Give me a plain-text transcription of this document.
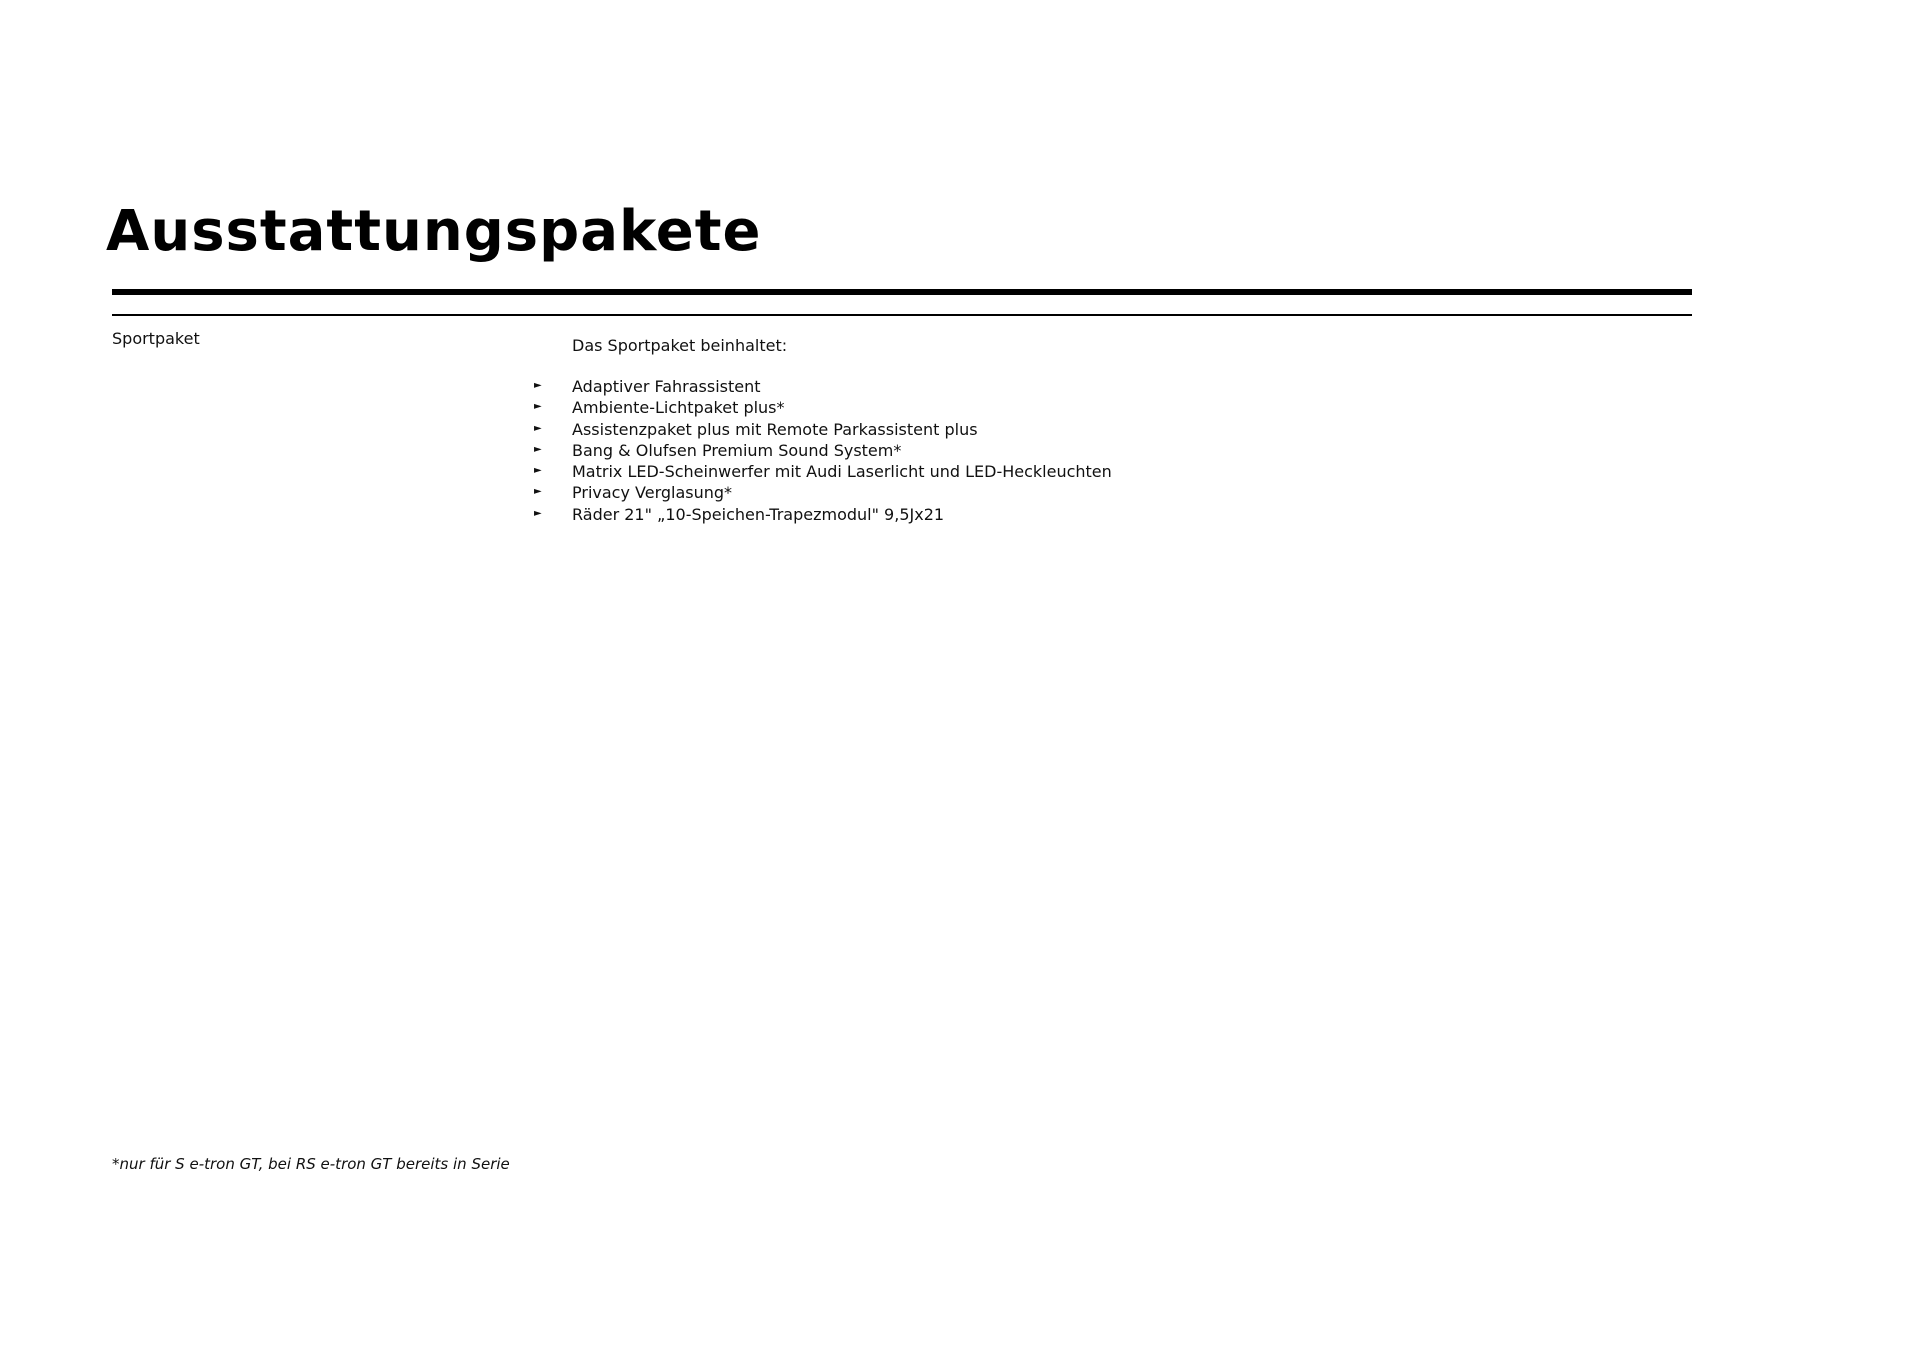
Ausstattungspakete
Sportpaket	Das Sportpaket beinhaltet:
► Adaptiver Fahrassistent
► Ambiente-Lichtpaket plus*
► Assistenzpaket plus mit Remote Parkassistent plus
► Bang & Olufsen Premium Sound System*
► Matrix LED-Scheinwerfer mit Audi Laserlicht und LED-Heckleuchten
► Privacy Verglasung*
► Räder 21" „10-Speichen-Trapezmodul" 9,5Jx21
*nur für S e-tron GT, bei RS e-tron GT bereits in Serie
